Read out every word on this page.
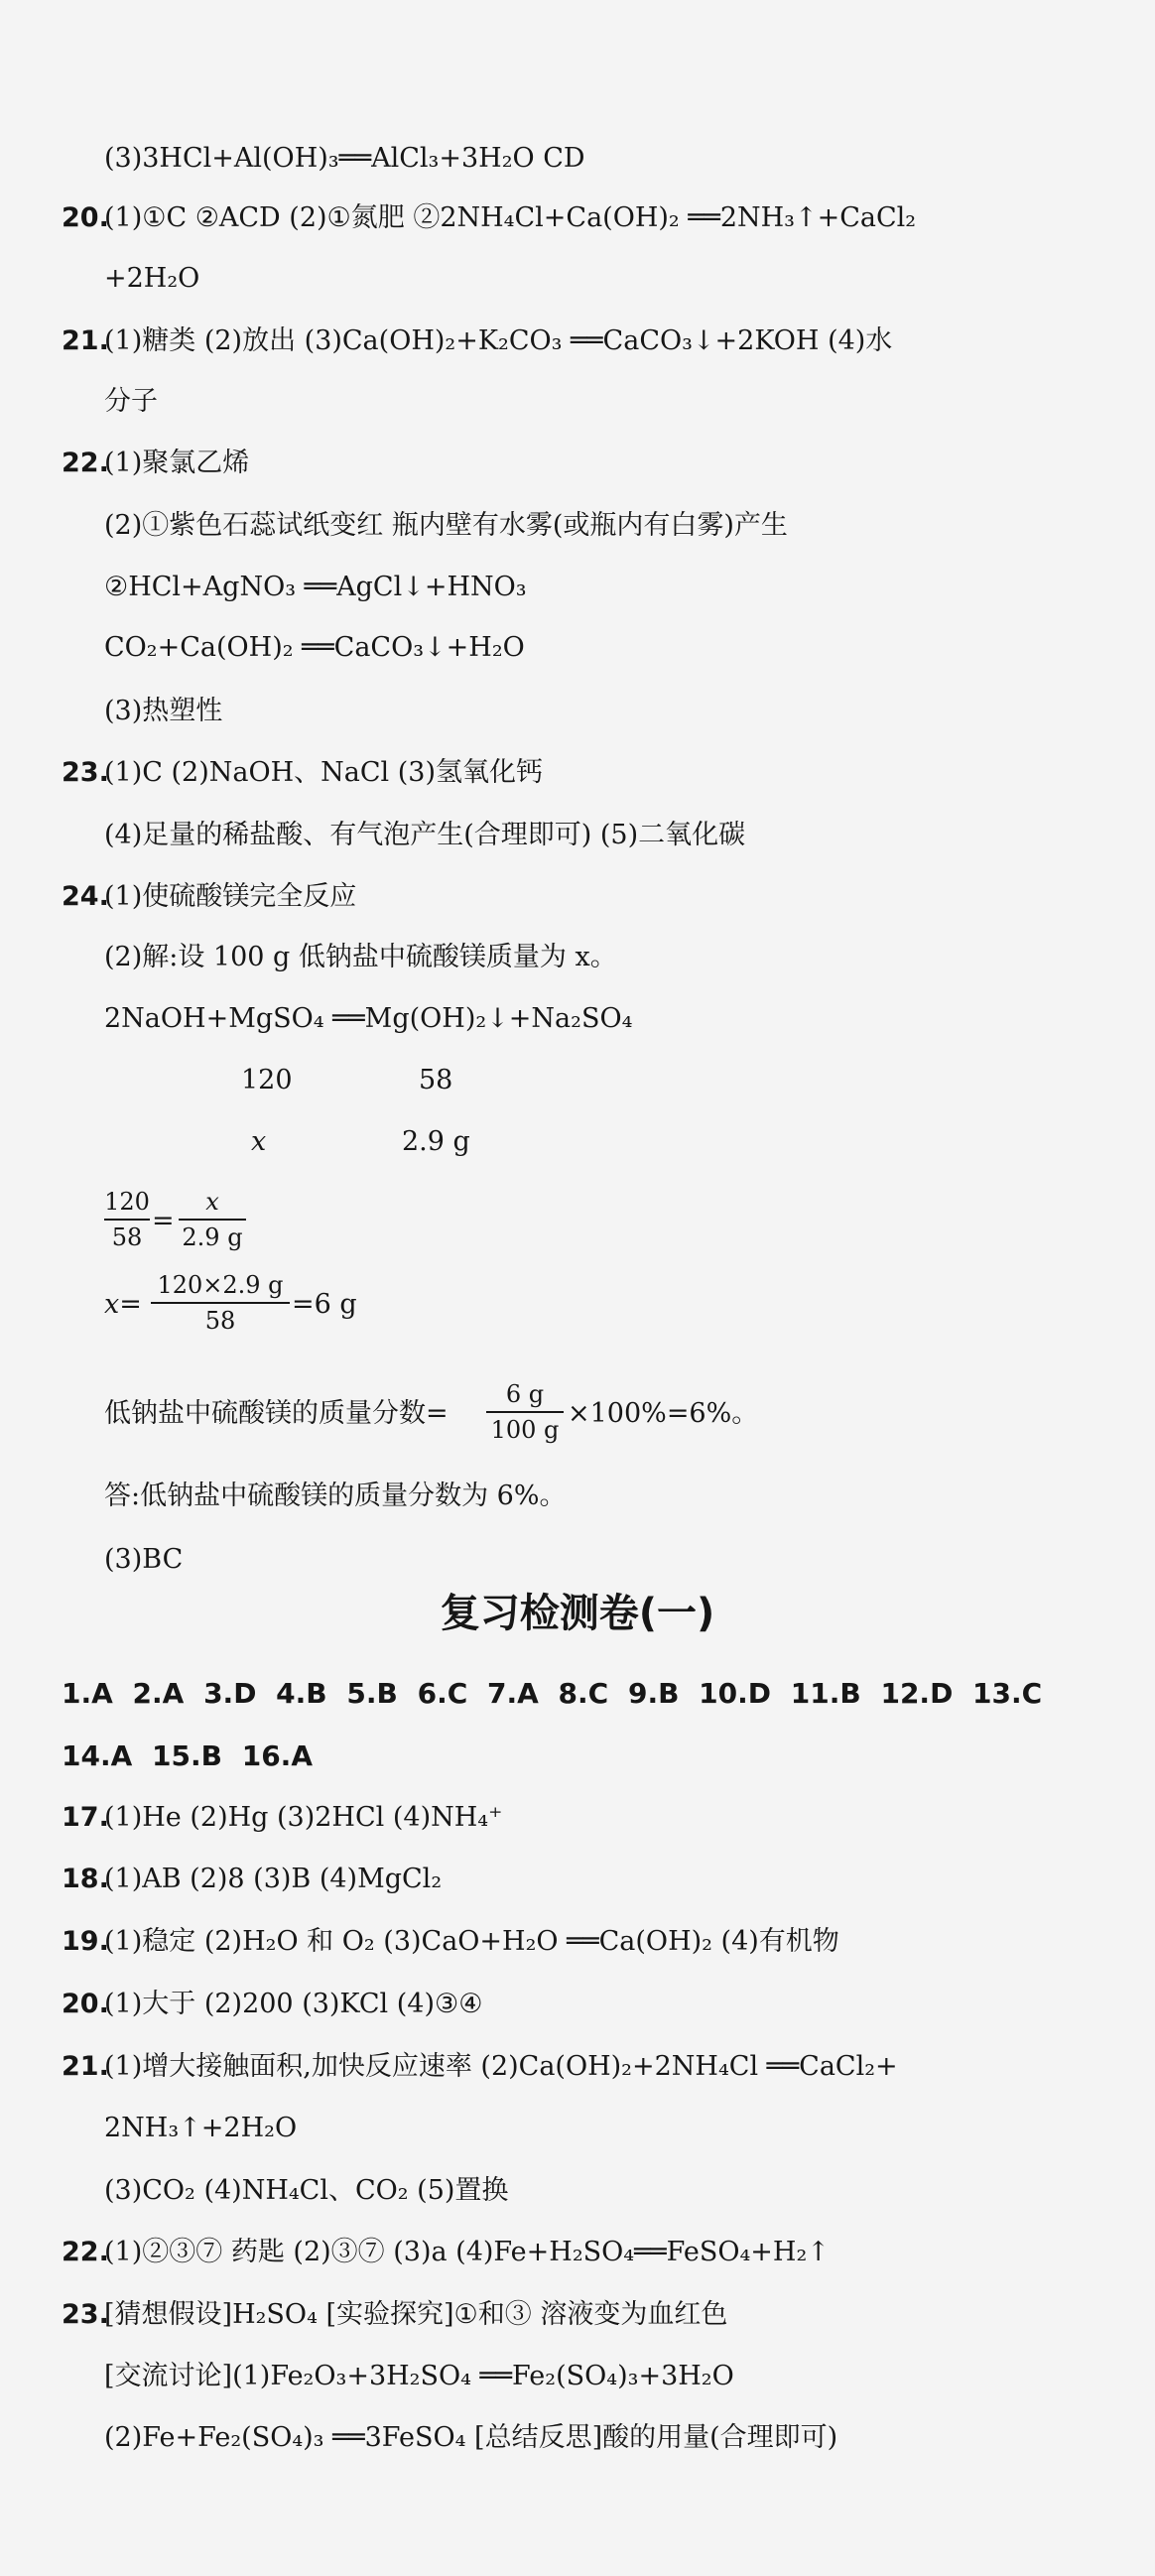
(3)3HCl+Al(OH)₃══AlCl₃+3H₂O CD
20.
(1)①C ②ACD (2)①氮肥 ②2NH₄Cl+Ca(OH)₂ ══2NH₃↑+CaCl₂
+2H₂O
21.
(1)糖类 (2)放出 (3)Ca(OH)₂+K₂CO₃ ══CaCO₃↓+2KOH (4)水
分子
22.
(1)聚氯乙烯
(2)①紫色石蕊试纸变红 瓶内壁有水雾(或瓶内有白雾)产生
②HCl+AgNO₃ ══AgCl↓+HNO₃
CO₂+Ca(OH)₂ ══CaCO₃↓+H₂O
(3)热塑性
23.
(1)C (2)NaOH、NaCl (3)氢氧化钙
(4)足量的稀盐酸、有气泡产生(合理即可) (5)二氧化碳
24.
(1)使硫酸镁完全反应
(2)解:设 100 g 低钠盐中硫酸镁质量为 x。
2NaOH+MgSO₄ ══Mg(OH)₂↓+Na₂SO₄
120	58
x	2.9 g
120
58
=
x
2.9 g
x=
120×2.9 g
58
=6 g
低钠盐中硫酸镁的质量分数=
6 g
100 g
×100%=6%。
答:低钠盐中硫酸镁的质量分数为 6%。
(3)BC
复习检测卷(一)
1.A 2.A 3.D 4.B 5.B 6.C 7.A 8.C 9.B 10.D 11.B 12.D 13.C
14.A 15.B 16.A
17.
(1)He (2)Hg (3)2HCl (4)NH₄⁺
18.
(1)AB (2)8 (3)B (4)MgCl₂
19.
(1)稳定 (2)H₂O 和 O₂ (3)CaO+H₂O ══Ca(OH)₂ (4)有机物
20.
(1)大于 (2)200 (3)KCl (4)③④
21.
(1)增大接触面积,加快反应速率 (2)Ca(OH)₂+2NH₄Cl ══CaCl₂+
2NH₃↑+2H₂O
(3)CO₂ (4)NH₄Cl、CO₂ (5)置换
22.
(1)②③⑦ 药匙 (2)③⑦ (3)a (4)Fe+H₂SO₄══FeSO₄+H₂↑
23.
[猜想假设]H₂SO₄ [实验探究]①和③ 溶液变为血红色
[交流讨论](1)Fe₂O₃+3H₂SO₄ ══Fe₂(SO₄)₃+3H₂O
(2)Fe+Fe₂(SO₄)₃ ══3FeSO₄ [总结反思]酸的用量(合理即可)
